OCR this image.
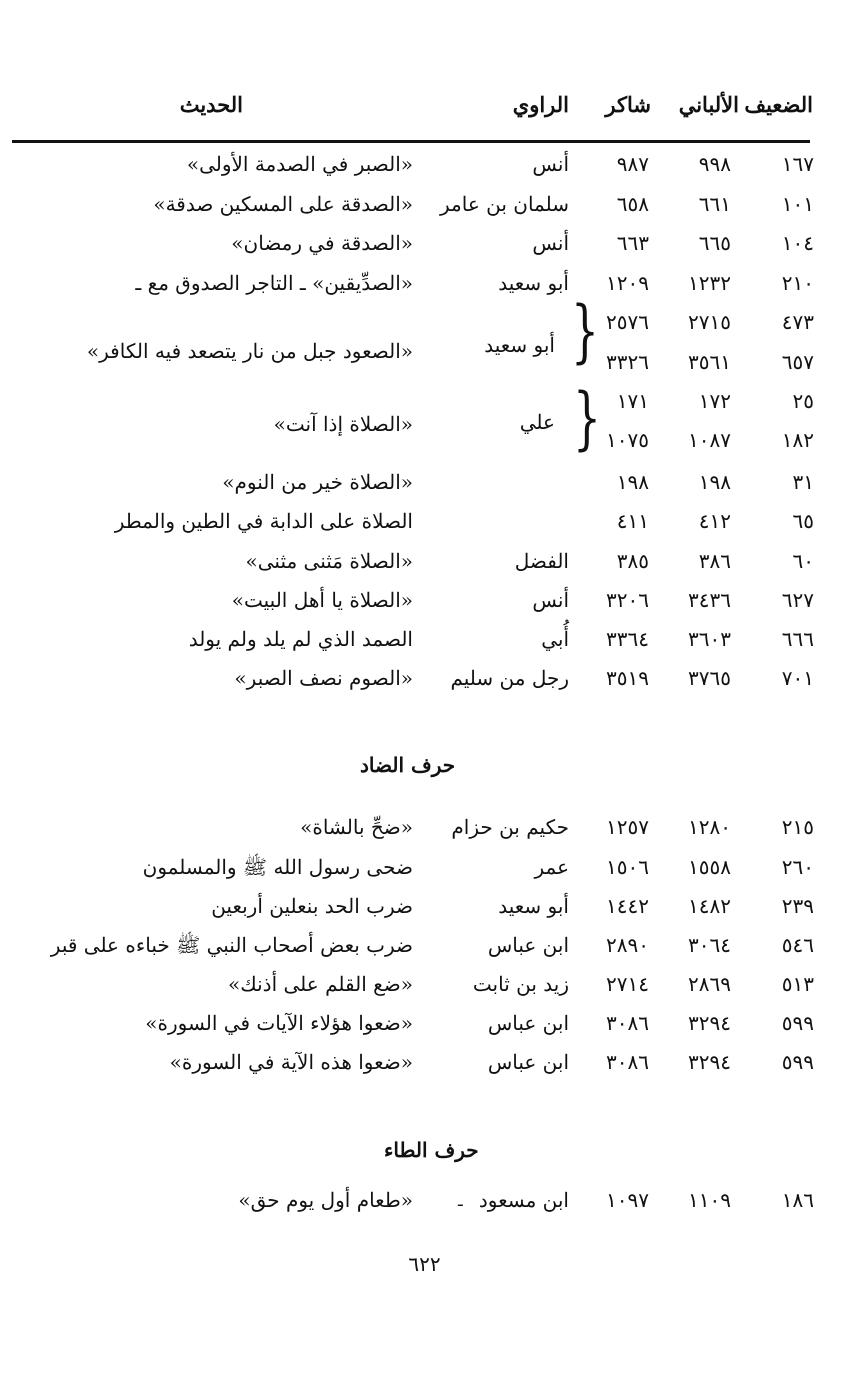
الضعيف
الألباني
شاكر
الراوي
الحديث
١٦٧
٩٩٨
٩٨٧
أنس
«الصبر في الصدمة الأولى»
١٠١
٦٦١
٦٥٨
سلمان بن عامر
«الصدقة على المسكين صدقة»
١٠٤
٦٦٥
٦٦٣
أنس
«الصدقة في رمضان»
٢١٠
١٢٣٢
١٢٠٩
أبو سعيد
«الصدِّيقين» ـ التاجر الصدوق مع ـ
٤٧٣
٢٧١٥
٢٥٧٦
٦٥٧
٣٥٦١
٣٣٢٦
}
أبو سعيد
«الصعود جبل من نار يتصعد فيه الكافر»
٢٥
١٧٢
١٧١
١٨٢
١٠٨٧
١٠٧٥
}
علي
«الصلاة إذا آنت»
٣١
١٩٨
١٩٨
«الصلاة خير من النوم»
٦٥
٤١٢
٤١١
الصلاة على الدابة في الطين والمطر
٦٠
٣٨٦
٣٨٥
الفضل
«الصلاة مَثنى مثنى»
٦٢٧
٣٤٣٦
٣٢٠٦
أنس
«الصلاة يا أهل البيت»
٦٦٦
٣٦٠٣
٣٣٦٤
أُبي
الصمد الذي لم يلد ولم يولد
٧٠١
٣٧٦٥
٣٥١٩
رجل من سليم
«الصوم نصف الصبر»
حرف الضاد
٢١٥
١٢٨٠
١٢٥٧
حكيم بن حزام
«ضحِّ بالشاة»
٢٦٠
١٥٥٨
١٥٠٦
عمر
ضحى رسول الله ﷺ والمسلمون
٢٣٩
١٤٨٢
١٤٤٢
أبو سعيد
ضرب الحد بنعلين أربعين
٥٤٦
٣٠٦٤
٢٨٩٠
ابن عباس
ضرب بعض أصحاب النبي ﷺ خباءه على قبر
٥١٣
٢٨٦٩
٢٧١٤
زيد بن ثابت
«ضع القلم على أذنك»
٥٩٩
٣٢٩٤
٣٠٨٦
ابن عباس
«ضعوا هؤلاء الآيات في السورة»
٥٩٩
٣٢٩٤
٣٠٨٦
ابن عباس
«ضعوا هذه الآية في السورة»
حرف الطاء
١٨٦
١١٠٩
١٠٩٧
ابن مسعود
«طعام أول يوم حق»	ـ
٦٢٢
